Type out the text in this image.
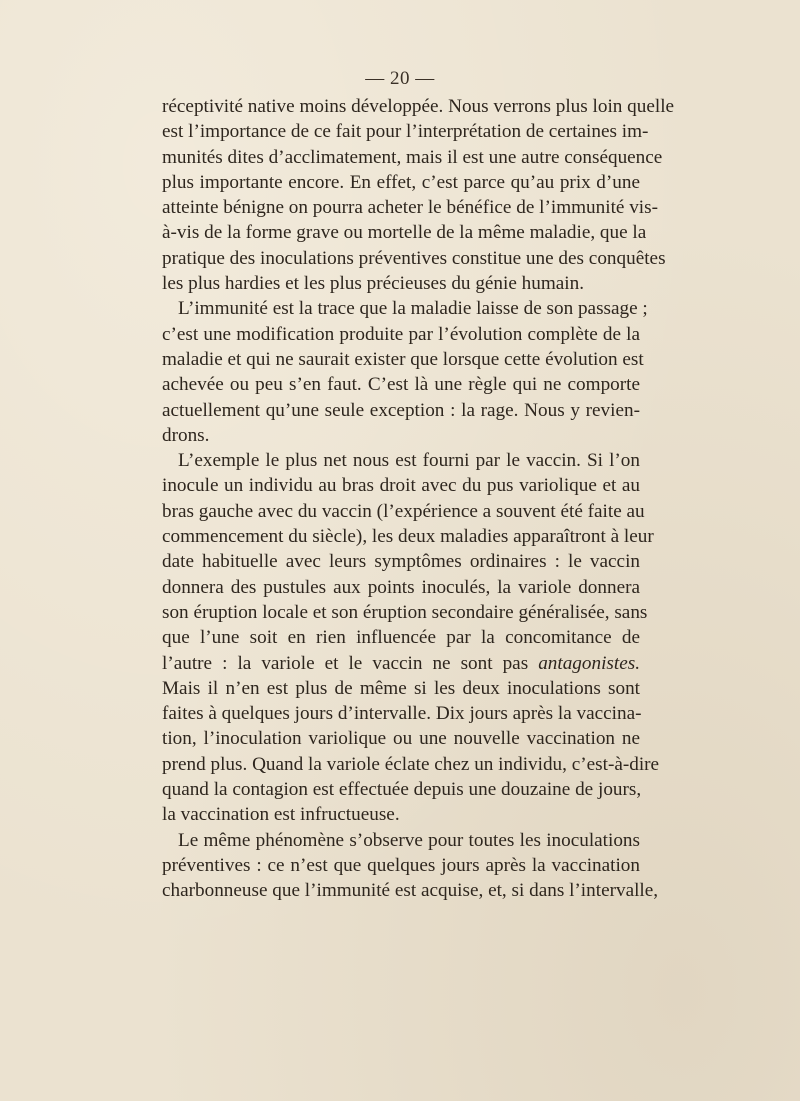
— 20 —
réceptivité native moins développée. Nous verrons plus loin quelle
est l’importance de ce fait pour l’interprétation de certaines im-
munités dites d’acclimatement, mais il est une autre conséquence
plus importante encore. En effet, c’est parce qu’au prix d’une
atteinte bénigne on pourra acheter le bénéfice de l’immunité vis-
à-vis de la forme grave ou mortelle de la même maladie, que la
pratique des inoculations préventives constitue une des conquêtes
les plus hardies et les plus précieuses du génie humain.
L’immunité est la trace que la maladie laisse de son passage ;
c’est une modification produite par l’évolution complète de la
maladie et qui ne saurait exister que lorsque cette évolution est
achevée ou peu s’en faut. C’est là une règle qui ne comporte
actuellement qu’une seule exception : la rage. Nous y revien-
drons.
L’exemple le plus net nous est fourni par le vaccin. Si l’on
inocule un individu au bras droit avec du pus variolique et au
bras gauche avec du vaccin (l’expérience a souvent été faite au
commencement du siècle), les deux maladies apparaîtront à leur
date habituelle avec leurs symptômes ordinaires : le vaccin
donnera des pustules aux points inoculés, la variole donnera
son éruption locale et son éruption secondaire généralisée, sans
que l’une soit en rien influencée par la concomitance de
l’autre : la variole et le vaccin ne sont pas antagonistes.
Mais il n’en est plus de même si les deux inoculations sont
faites à quelques jours d’intervalle. Dix jours après la vaccina-
tion, l’inoculation variolique ou une nouvelle vaccination ne
prend plus. Quand la variole éclate chez un individu, c’est-à-dire
quand la contagion est effectuée depuis une douzaine de jours,
la vaccination est infructueuse.
Le même phénomène s’observe pour toutes les inoculations
préventives : ce n’est que quelques jours après la vaccination
charbonneuse que l’immunité est acquise, et, si dans l’intervalle,
